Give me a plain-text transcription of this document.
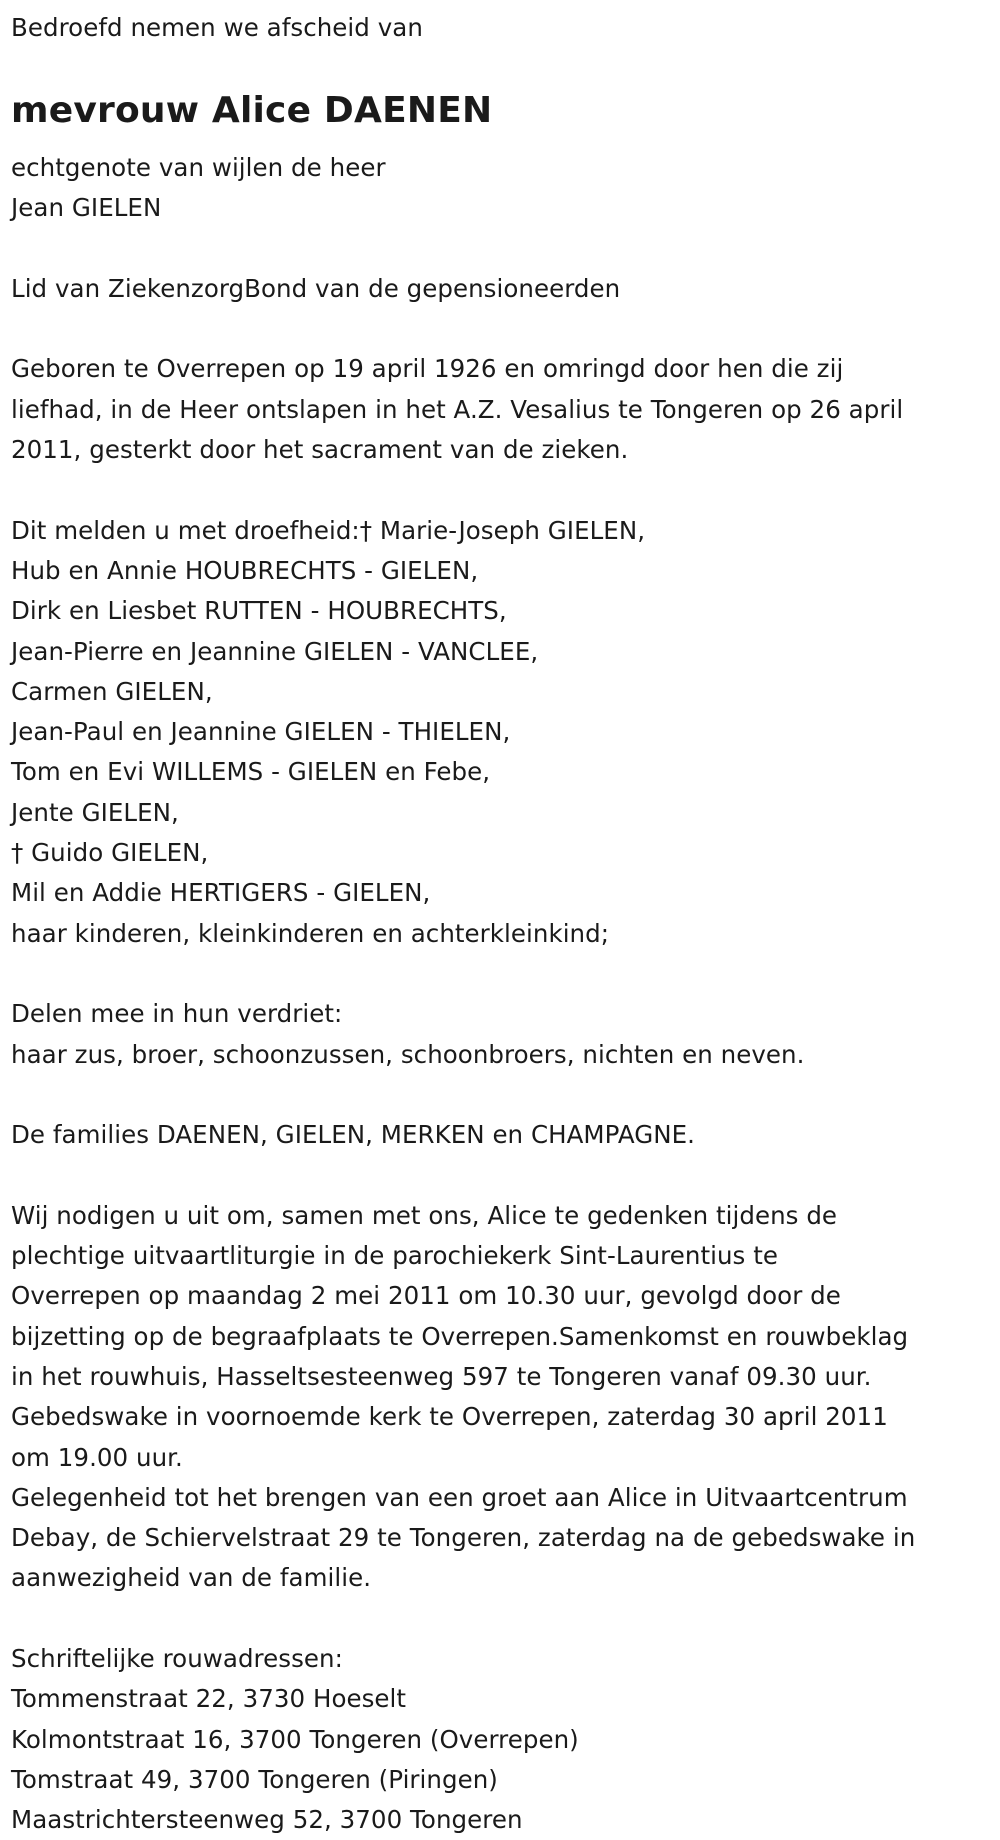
Bedroefd nemen we afscheid van
mevrouw Alice DAENEN
echtgenote van wijlen de heer
Jean GIELEN
Lid van ZiekenzorgBond van de gepensioneerden
Geboren te Overrepen op 19 april 1926 en omringd door hen die zij
liefhad, in de Heer ontslapen in het A.Z. Vesalius te Tongeren op 26 april
2011, gesterkt door het sacrament van de zieken.
Dit melden u met droefheid:† Marie-Joseph GIELEN,
Hub en Annie HOUBRECHTS - GIELEN,
Dirk en Liesbet RUTTEN - HOUBRECHTS,
Jean-Pierre en Jeannine GIELEN - VANCLEE,
Carmen GIELEN,
Jean-Paul en Jeannine GIELEN - THIELEN,
Tom en Evi WILLEMS - GIELEN en Febe,
Jente GIELEN,
† Guido GIELEN,
Mil en Addie HERTIGERS - GIELEN,
haar kinderen, kleinkinderen en achterkleinkind;
Delen mee in hun verdriet:
haar zus, broer, schoonzussen, schoonbroers, nichten en neven.
De families DAENEN, GIELEN, MERKEN en CHAMPAGNE.
Wij nodigen u uit om, samen met ons, Alice te gedenken tijdens de
plechtige uitvaartliturgie in de parochiekerk Sint-Laurentius te
Overrepen op maandag 2 mei 2011 om 10.30 uur, gevolgd door de
bijzetting op de begraafplaats te Overrepen.Samenkomst en rouwbeklag
in het rouwhuis, Hasseltsesteenweg 597 te Tongeren vanaf 09.30 uur.
Gebedswake in voornoemde kerk te Overrepen, zaterdag 30 april 2011
om 19.00 uur.
Gelegenheid tot het brengen van een groet aan Alice in Uitvaartcentrum
Debay, de Schiervelstraat 29 te Tongeren, zaterdag na de gebedswake in
aanwezigheid van de familie.
Schriftelijke rouwadressen:
Tommenstraat 22, 3730 Hoeselt
Kolmontstraat 16, 3700 Tongeren (Overrepen)
Tomstraat 49, 3700 Tongeren (Piringen)
Maastrichtersteenweg 52, 3700 Tongeren
